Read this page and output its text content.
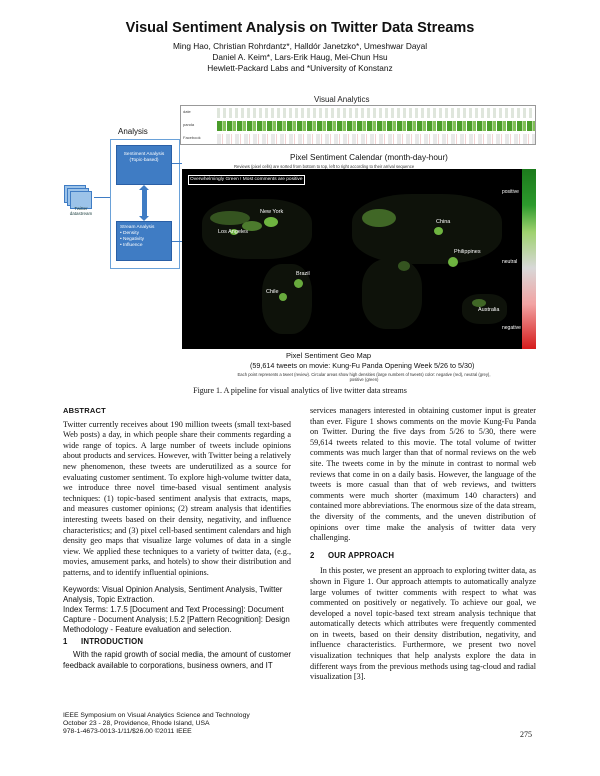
Visual Sentiment Analysis on Twitter Data Streams
Ming Hao, Christian Rohrdantz*, Halldór Janetzko*, Umeshwar Dayal
Daniel A. Keim*, Lars-Erik Haug, Mei-Chun Hsu
Hewlett-Packard Labs and *University of Konstanz
Visual Analytics
date
panda
Facebook
Pixel Sentiment Calendar (month-day-hour)
Reviews (pixel cells) are sorted from bottom to top, left to right according to their arrival sequence
Analysis
Sentiment Analysis (Topic-based)
Stream Analysis
• Density
• Negativity
• Influence
Twitter datastream
Overwhelmingly Green ! Most comments are positive
New York
Los Angeles
China
Philippines
Brazil
Chile
Australia
positive
neutral
negative
Pixel Sentiment Geo Map
(59,614 tweets on movie: Kung-Fu Panda Opening Week 5/26 to 5/30)
Each point represents a tweet (review). Circular areas show high densities (large numbers of tweets) color: negative (red), neutral (grey), positive (green)
Figure 1. A pipeline for visual analytics of live twitter data streams
ABSTRACT
Twitter currently receives about 190 million tweets (small text-based Web posts) a day, in which people share their comments regarding a wide range of topics. A large number of tweets include opinions about products and services. However, with Twitter being a relatively new phenomenon, these tweets are underutilized as a source for evaluating customer sentiment. To explore high-volume twitter data, we introduce three novel time-based visual sentiment analysis techniques: (1) topic-based sentiment analysis that extracts, maps, and measures customer opinions; (2) stream analysis that identifies interesting tweets based on their density, negativity, and influence characteristics; and (3) pixel cell-based sentiment calendars and high density geo maps that visualize large volumes of data in a single view. We applied these techniques to a variety of twitter data, (e.g., movies, amusement parks, and hotels) to show their distribution and patterns, and to identify influential opinions.
Keywords: Visual Opinion Analysis, Sentiment Analysis, Twitter Analysis, Topic Extraction.
Index Terms: 1.7.5 [Document and Text Processing]: Document Capture - Document Analysis; I.5.2 [Pattern Recognition]: Design Methodology - Feature evaluation and selection.
1 INTRODUCTION
With the rapid growth of social media, the amount of customer feedback available to corporations, business owners, and IT
services managers interested in obtaining customer input is greater than ever. Figure 1 shows comments on the movie Kung-Fu Panda on Twitter. During the five days from 5/26 to 5/30, there were 59,614 tweets related to this movie. The total volume of twitter comments was much larger than that of normal reviews on the web site. The tweets come in by the minute in contrast to normal web reviews that come in on a daily basis. However, the language of the tweets is more casual than that of web reviews, and twitters comments were much shorter (maximum 140 characters) and contained more abbreviations. The enormous size of the data stream, the diversity of the comments, and the uneven distribution of opinions over time make the analysis of twitter data very challenging.
2 OUR APPROACH
In this poster, we present an approach to exploring twitter data, as shown in Figure 1. Our approach attempts to automatically analyze large volumes of twitter comments with respect to what was commented on positively or negatively. To achieve our goal, we developed a novel topic-based text stream analysis technique that automatically detects which attributes were frequently commented on in tweets, based on their density distribution, negativity, and influence characteristics. Furthermore, we present two novel visualization techniques that help analysts explore the data in different ways from the previous methods using tag-cloud and radial visualization [3].
IEEE Symposium on Visual Analytics Science and Technology
October 23 - 28, Providence, Rhode Island, USA
978-1-4673-0013-1/11/$26.00 ©2011 IEEE	275
